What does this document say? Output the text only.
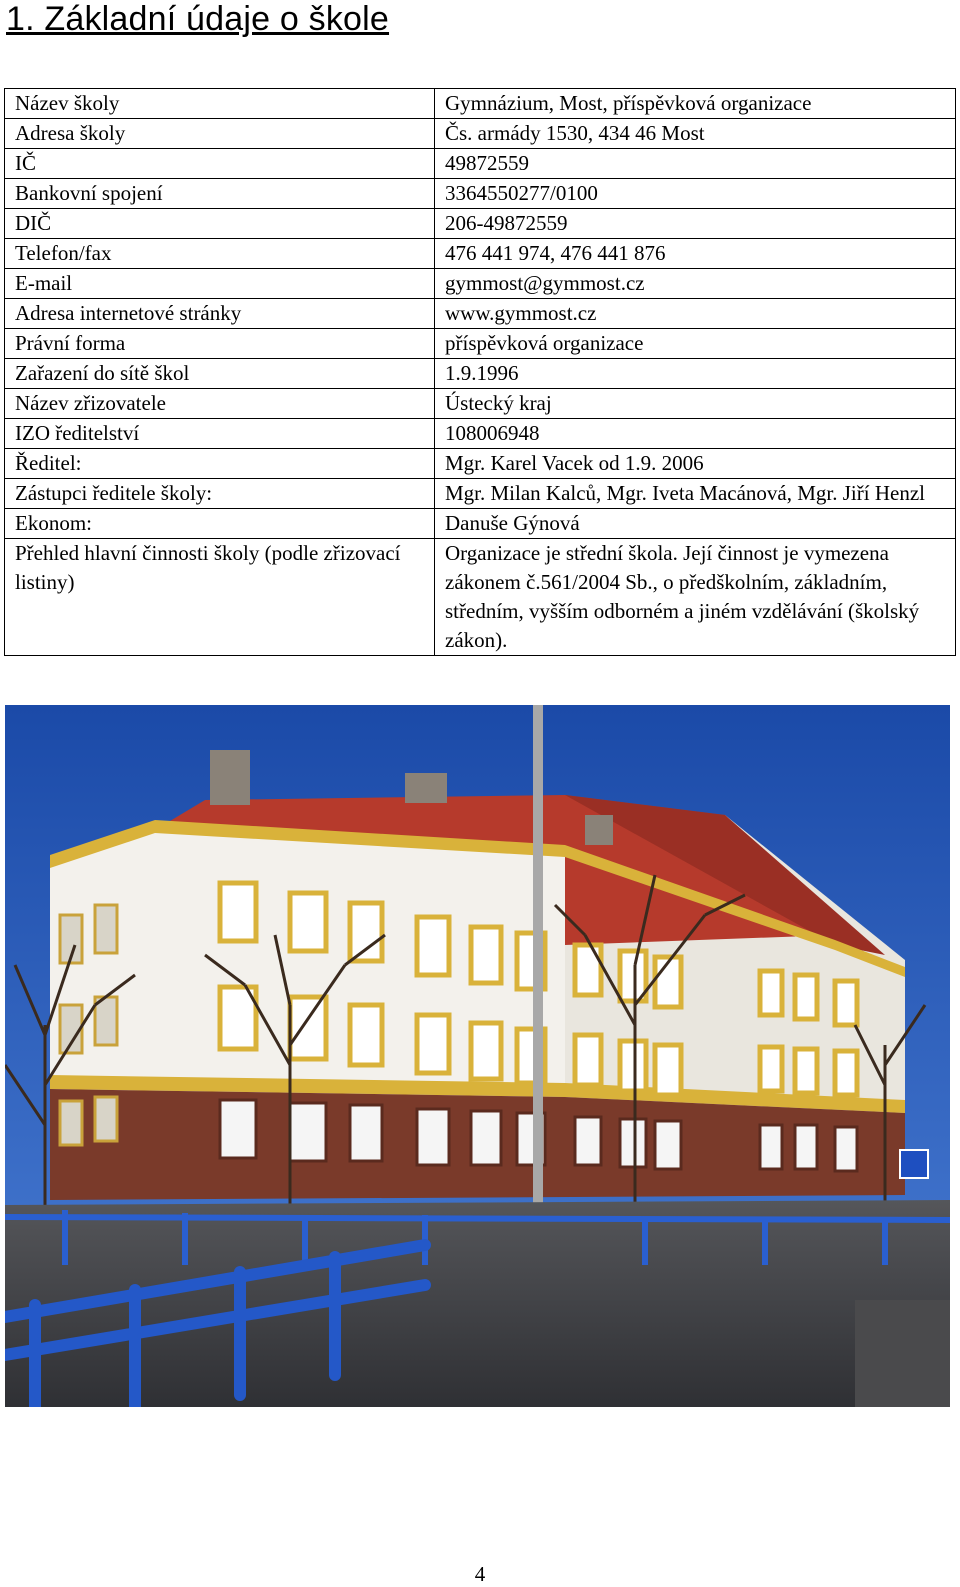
1. Základní údaje o škole
Název školy	Gymnázium, Most, příspěvková organizace
Adresa školy	Čs. armády 1530, 434 46 Most
IČ	49872559
Bankovní spojení	3364550277/0100
DIČ	206-49872559
Telefon/fax	476 441 974, 476 441 876
E-mail	gymmost@gymmost.cz
Adresa internetové stránky	www.gymmost.cz
Právní forma	příspěvková organizace
Zařazení do sítě škol	1.9.1996
Název zřizovatele	Ústecký kraj
IZO ředitelství	108006948
Ředitel:	Mgr. Karel Vacek od 1.9. 2006
Zástupci ředitele školy:	Mgr. Milan Kalců, Mgr. Iveta Macánová, Mgr. Jiří Henzl
Ekonom:	Danuše Gýnová
Přehled hlavní činnosti školy (podle zřizovací listiny)	Organizace je střední škola. Její činnost je vymezena zákonem č.561/2004 Sb., o předškolním, základním, středním, vyšším odborném a jiném vzdělávání (školský zákon).
4
